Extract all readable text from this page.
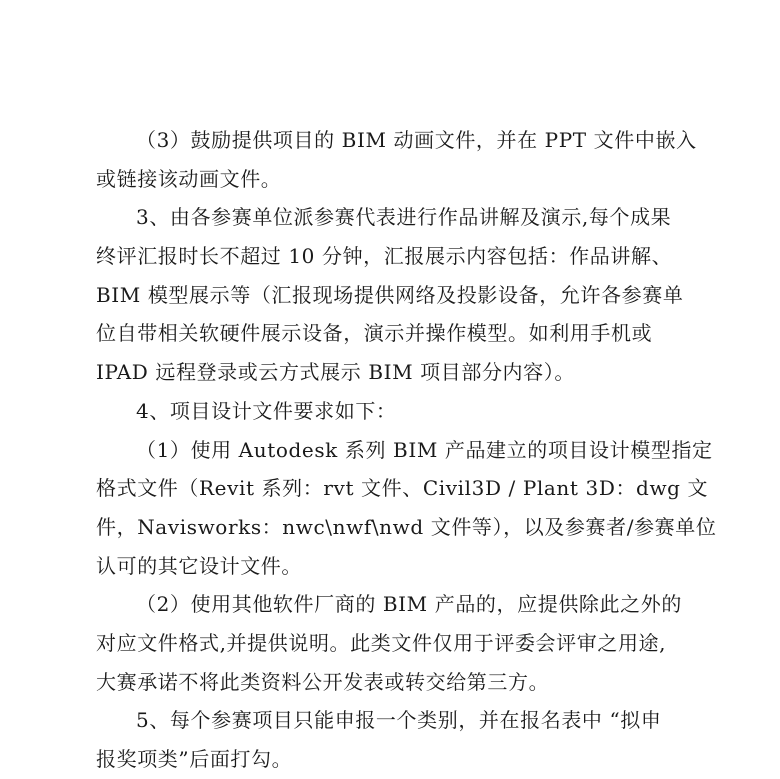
（3）鼓励提供项目的 BIM 动画文件，并在 PPT 文件中嵌入
或链接该动画文件。
3、由各参赛单位派参赛代表进行作品讲解及演示,每个成果
终评汇报时长不超过 10 分钟，汇报展示内容包括：作品讲解、
BIM 模型展示等（汇报现场提供网络及投影设备，允许各参赛单
位自带相关软硬件展示设备，演示并操作模型。如利用手机或
IPAD 远程登录或云方式展示 BIM 项目部分内容）。
4、项目设计文件要求如下：
（1）使用 Autodesk 系列 BIM 产品建立的项目设计模型指定
格式文件（Revit 系列：rvt 文件、Civil3D / Plant 3D：dwg 文
件，Navisworks：nwc\nwf\nwd 文件等），以及参赛者/参赛单位
认可的其它设计文件。
（2）使用其他软件厂商的 BIM 产品的，应提供除此之外的
对应文件格式,并提供说明。此类文件仅用于评委会评审之用途,
大赛承诺不将此类资料公开发表或转交给第三方。
5、每个参赛项目只能申报一个类别，并在报名表中 “拟申
报奖项类”后面打勾。
